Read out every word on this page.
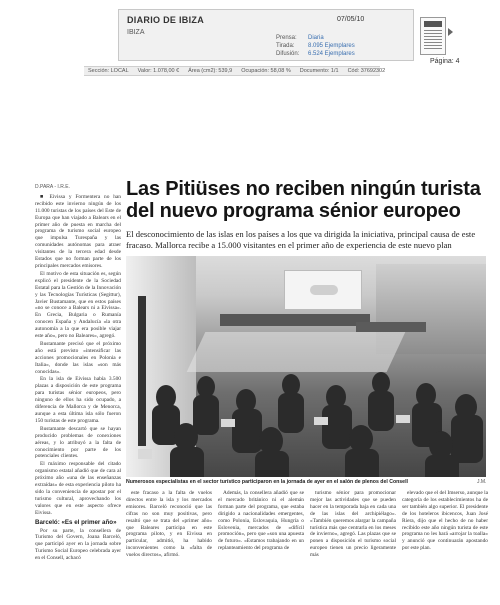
DIARIO DE IBIZA
IBIZA
07/05/10
Prensa:	Diaria
Tirada:	8.095 Ejemplares
Difusión:	6.524 Ejemplares
Página: 4
Sección: LOCAL Valor: 1.078,00 € Área (cm2): 539,9 Ocupación: 58,08 % Documento: 1/1 Cód: 37692302
D.PARA - I.R.E.

■ Eivissa y Formentera no han recibido este invierno ningún de los 11.000 turistas de los países del Este de Europa que han viajado a Balears en el primer año de puesta en marcha del programa de turismo social europeo que impulsa Turespaña y las comunidades autónomas para atraer visitantes de la tercera edad desde Estados que no forman parte de los principales mercados emisores.

El motivo de esta situación es, según explicó el presidente de la Sociedad Estatal para la Gestión de la Innovación y las Tecnologías Turísticas (Segittur), Javier Bustamante, que en estos países «no se conoce a Balears ni a Eivissa». En Grecia, Bulgaria o Rumanía conocen España y Andalucía «la otra autonomía a la que era posible viajar este año», pero no Baleares», agregó.

Bustamante precisó que el próximo año está previsto «intensificar las acciones promocionales en Polonia e Italia», donde las islas «son más conocidas».

En la isla de Eivissa había 3.500 plazas a disposición de este programa para turistas sénior europeos, pero ninguno de ellos ha sido ocupado, a diferencia de Mallorca y de Menorca, aunque a esta última isla sólo fueron 150 turistas de este programa.

Bustamante descartó que se hayan producido problemas de conexiones aéreas, y lo atribuyó a la falta de conocimiento por parte de los potenciales clientes.

El máximo responsable del citado organismo estatal añadió que de cara al próximo año «una de las enseñanzas extraídas» de esta experiencia piloto ha sido la conveniencia de apostar por el turismo cultural, aprovechando los valores que en este aspecto ofrece Eivissa.

Barceló: «Es el primer año»

Por su parte, la consellera de Turismo del Govern, Joana Barceló, que participó ayer en la jornada sobre Turismo Social Europeo celebrada ayer en el Consell, achacó

Las Pitiüses no reciben ningún turista del nuevo programa sénior europeo
El desconocimiento de las islas en los países a los que va dirigida la iniciativa, principal causa de este fracaso. Mallorca recibe a 15.000 visitantes en el primer año de experiencia de este nuevo plan
Numerosos especialistas en el sector turístico participaron en la jornada de ayer en el salón de plenos del Consell	J.M.

este fracaso a la falta de vuelos directos entre la isla y los mercados emisores. Barceló reconoció que las cifras no son muy positivas, pero resaltó que se trata del «primer año» que Baleares participa en este programa piloto, y en Eivissa en particular, admitió, ha habido inconvenientes como la «falta de vuelos directos», afirmó.

Además, la consellera añadió que se el mercado británico ni el alemán forman parte del programa, que estaba dirigido a nacionalidades emergentes, como Polonia, Eslovaquia, Hungría o Eslovenia, mercados de «difícil promoción», pero que «son una apuesta de futuro». «Estamos trabajando en un replanteamiento del programa de

turismo sénior para promocionar mejor las actividades que se pueden hacer en la temporada baja en cada una de las islas del archipiélago». «También queremos alargar la campaña turística más que centrarla en los meses de invierno», agregó. Las plazas que se ponen a disposición el turismo social europeo tienen un precio ligeramente más

elevado que el del Imserso, aunque la categoría de los establecimientos ha de ser también algo superior. El presidente de los hoteleros ibicencos, Juan José Riera, dijo que el hecho de no haber recibido este año ningún turista de este programa no les hará «arrojar la toalla» y anunció que continuarán apostando por este plan.
